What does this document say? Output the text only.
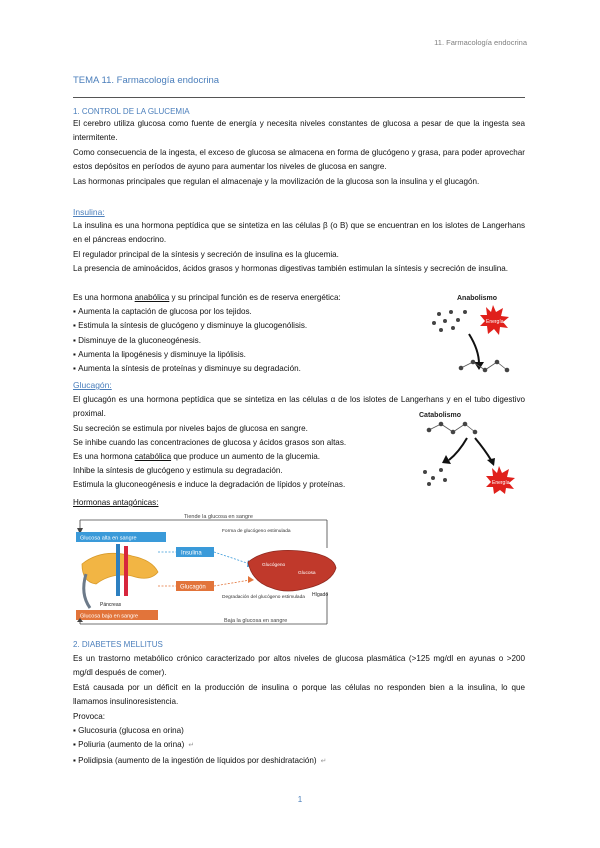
11. Farmacología endocrina
TEMA 11. Farmacología endocrina
1. CONTROL DE LA GLUCEMIA
El cerebro utiliza glucosa como fuente de energía y necesita niveles constantes de glucosa a pesar de que la ingesta sea intermitente.
Como consecuencia de la ingesta, el exceso de glucosa se almacena en forma de glucógeno y grasa, para poder aprovechar estos depósitos en períodos de ayuno para aumentar los niveles de glucosa en sangre.
Las hormonas principales que regulan el almacenaje y la movilización de la glucosa son la insulina y el glucagón.
Insulina:
La insulina es una hormona peptídica que se sintetiza en las células β (o B) que se encuentran en los islotes de Langerhans en el páncreas endocrino.
El regulador principal de la síntesis y secreción de insulina es la glucemia.
La presencia de aminoácidos, ácidos grasos y hormonas digestivas también estimulan la síntesis y secreción de insulina.
Es una hormona anabólica y su principal función es de reserva energética:
▪ Aumenta la captación de glucosa por los tejidos.
▪ Estimula la síntesis de glucógeno y disminuye la glucogenólisis.
▪ Disminuye de la gluconeogénesis.
▪ Aumenta la lipogénesis y disminuye la lipólisis.
▪ Aumenta la síntesis de proteínas y disminuye su degradación.
Anabolismo
Energía
Glucagón:
El glucagón es una hormona peptídica que se sintetiza en las células α de los islotes de Langerhans y en el tubo digestivo proximal.
Su secreción se estimula por niveles bajos de glucosa en sangre.
Se inhibe cuando las concentraciones de glucosa y ácidos grasos son altas.
Es una hormona catabólica que produce un aumento de la glucemia.
Inhibe la síntesis de glucógeno y estimula su degradación.
Estimula la gluconeogénesis e induce la degradación de lípidos y proteínas.
Catabolismo
Energía
Hormonas antagónicas:
Tiende la glucosa en sangre
Glucosa alta en sangre
Páncreas
Glucosa baja en sangre
Insulina
Forma de glucógeno estimulada
Glucagón
Degradación del glucógeno estimulada
Glucógeno
Glucosa
Hígado
Baja la glucosa en sangre
2. DIABETES MELLITUS
Es un trastorno metabólico crónico caracterizado por altos niveles de glucosa plasmática (>125 mg/dl en ayunas o >200 mg/dl después de comer).
Está causada por un déficit en la producción de insulina o porque las células no responden bien a la insulina, lo que llamamos insulinoresistencia.
Provoca:
▪ Glucosuria (glucosa en orina)
▪ Poliuria (aumento de la orina) ↵
▪ Polidipsia (aumento de la ingestión de líquidos por deshidratación) ↵
1
